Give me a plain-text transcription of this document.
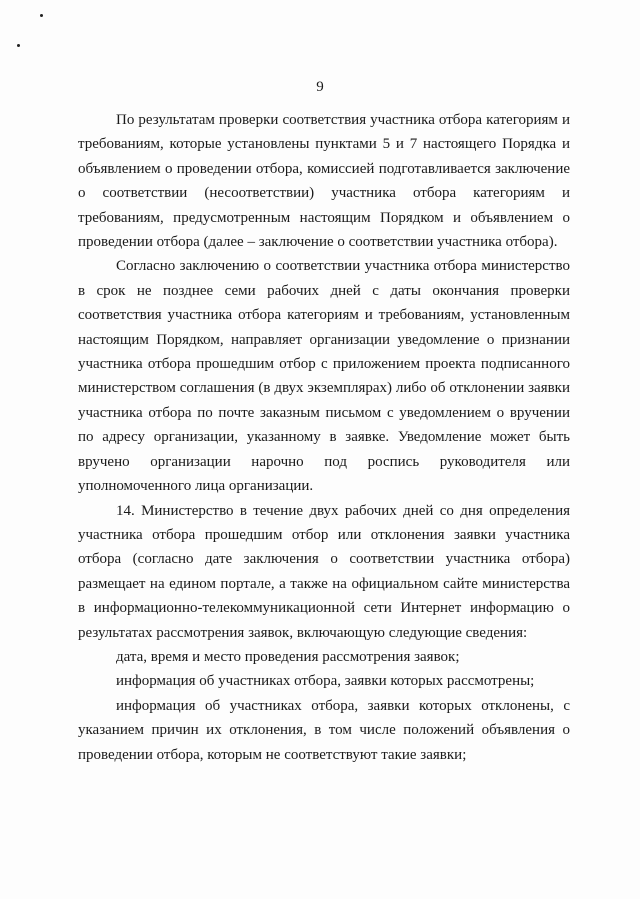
9

По результатам проверки соответствия участника отбора категориям и требованиям, которые установлены пунктами 5 и 7 настоящего Порядка и объявлением о проведении отбора, комиссией подготавливается заключение о соответствии (несоответствии) участника отбора категориям и требованиям, предусмотренным настоящим Порядком и объявлением о проведении отбора (далее – заключение о соответствии участника отбора).

Согласно заключению о соответствии участника отбора министерство в срок не позднее семи рабочих дней с даты окончания проверки соответствия участника отбора категориям и требованиям, установленным настоящим Порядком, направляет организации уведомление о признании участника отбора прошедшим отбор с приложением проекта подписанного министерством соглашения (в двух экземплярах) либо об отклонении заявки участника отбора по почте заказным письмом с уведомлением о вручении по адресу организации, указанному в заявке. Уведомление может быть вручено организации нарочно под роспись руководителя или уполномоченного лица организации.

14. Министерство в течение двух рабочих дней со дня определения участника отбора прошедшим отбор или отклонения заявки участника отбора (согласно дате заключения о соответствии участника отбора) размещает на едином портале, а также на официальном сайте министерства в информационно-телекоммуникационной сети Интернет информацию о результатах рассмотрения заявок, включающую следующие сведения:

дата, время и место проведения рассмотрения заявок;

информация об участниках отбора, заявки которых рассмотрены;

информация об участниках отбора, заявки которых отклонены, с указанием причин их отклонения, в том числе положений объявления о проведении отбора, которым не соответствуют такие заявки;
